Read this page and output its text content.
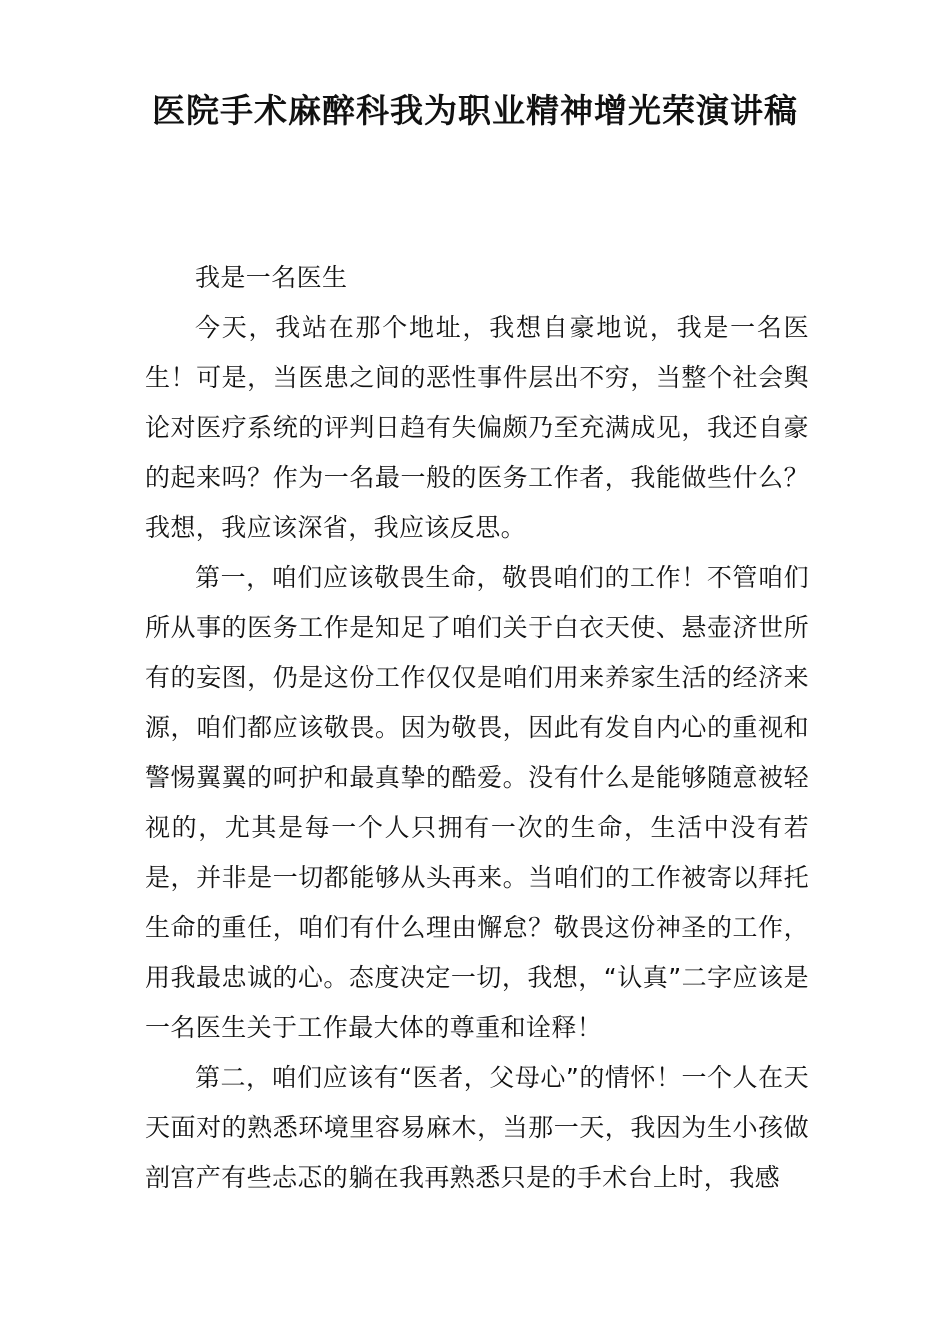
医院手术麻醉科我为职业精神增光荣演讲稿

我是一名医生

今天，我站在那个地址，我想自豪地说，我是一名医生！可是，当医患之间的恶性事件层出不穷，当整个社会舆论对医疗系统的评判日趋有失偏颇乃至充满成见，我还自豪的起来吗？作为一名最一般的医务工作者，我能做些什么？我想，我应该深省，我应该反思。

第一，咱们应该敬畏生命，敬畏咱们的工作！不管咱们所从事的医务工作是知足了咱们关于白衣天使、悬壶济世所有的妄图，仍是这份工作仅仅是咱们用来养家生活的经济来源，咱们都应该敬畏。因为敬畏，因此有发自内心的重视和警惕翼翼的呵护和最真挚的酷爱。没有什么是能够随意被轻视的，尤其是每一个人只拥有一次的生命，生活中没有若是，并非是一切都能够从头再来。当咱们的工作被寄以拜托生命的重任，咱们有什么理由懈怠？敬畏这份神圣的工作，用我最忠诚的心。态度决定一切，我想，“认真”二字应该是一名医生关于工作最大体的尊重和诠释！

第二，咱们应该有“医者，父母心”的情怀！一个人在天天面对的熟悉环境里容易麻木，当那一天，我因为生小孩做剖宫产有些忐忑的躺在我再熟悉只是的手术台上时，我感
